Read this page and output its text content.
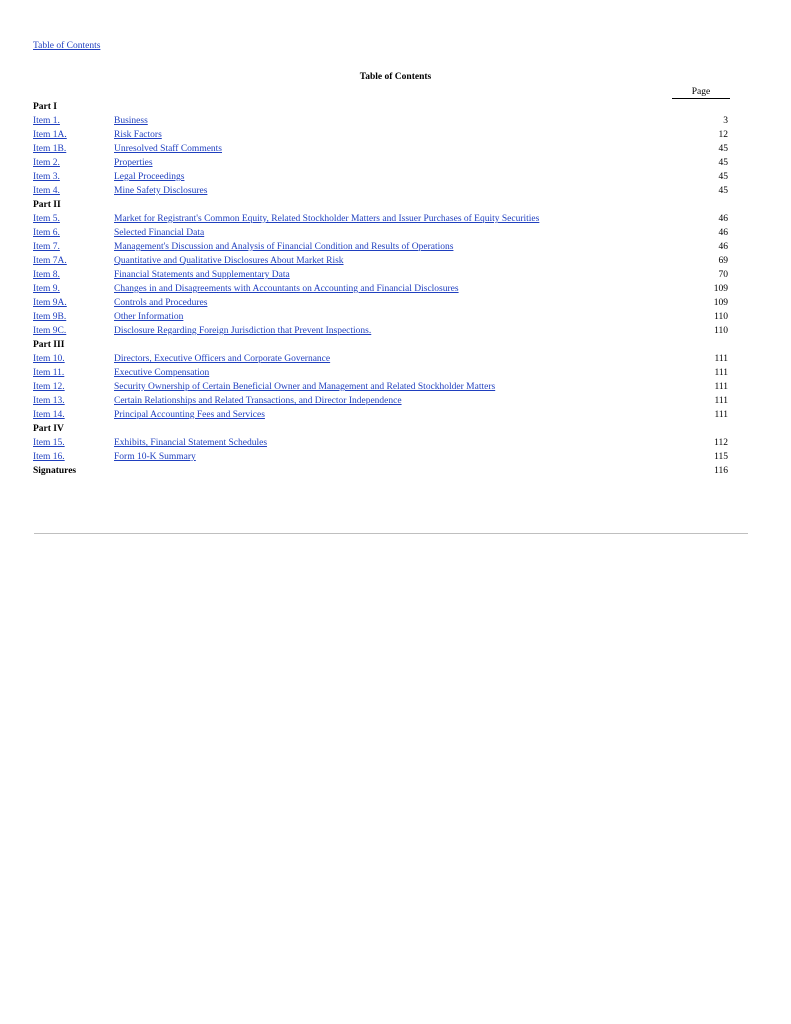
Table of Contents
Table of Contents
Page
Part I
Item 1.	Business	3
Item 1A.	Risk Factors	12
Item 1B.	Unresolved Staff Comments	45
Item 2.	Properties	45
Item 3.	Legal Proceedings	45
Item 4.	Mine Safety Disclosures	45
Part II
Item 5.	Market for Registrant's Common Equity, Related Stockholder Matters and Issuer Purchases of Equity Securities	46
Item 6.	Selected Financial Data	46
Item 7.	Management's Discussion and Analysis of Financial Condition and Results of Operations	46
Item 7A.	Quantitative and Qualitative Disclosures About Market Risk	69
Item 8.	Financial Statements and Supplementary Data	70
Item 9.	Changes in and Disagreements with Accountants on Accounting and Financial Disclosures	109
Item 9A.	Controls and Procedures	109
Item 9B.	Other Information	110
Item 9C.	Disclosure Regarding Foreign Jurisdiction that Prevent Inspections.	110
Part III
Item 10.	Directors, Executive Officers and Corporate Governance	111
Item 11.	Executive Compensation	111
Item 12.	Security Ownership of Certain Beneficial Owner and Management and Related Stockholder Matters	111
Item 13.	Certain Relationships and Related Transactions, and Director Independence	111
Item 14.	Principal Accounting Fees and Services	111
Part IV
Item 15.	Exhibits, Financial Statement Schedules	112
Item 16.	Form 10-K Summary	115
Signatures	116
